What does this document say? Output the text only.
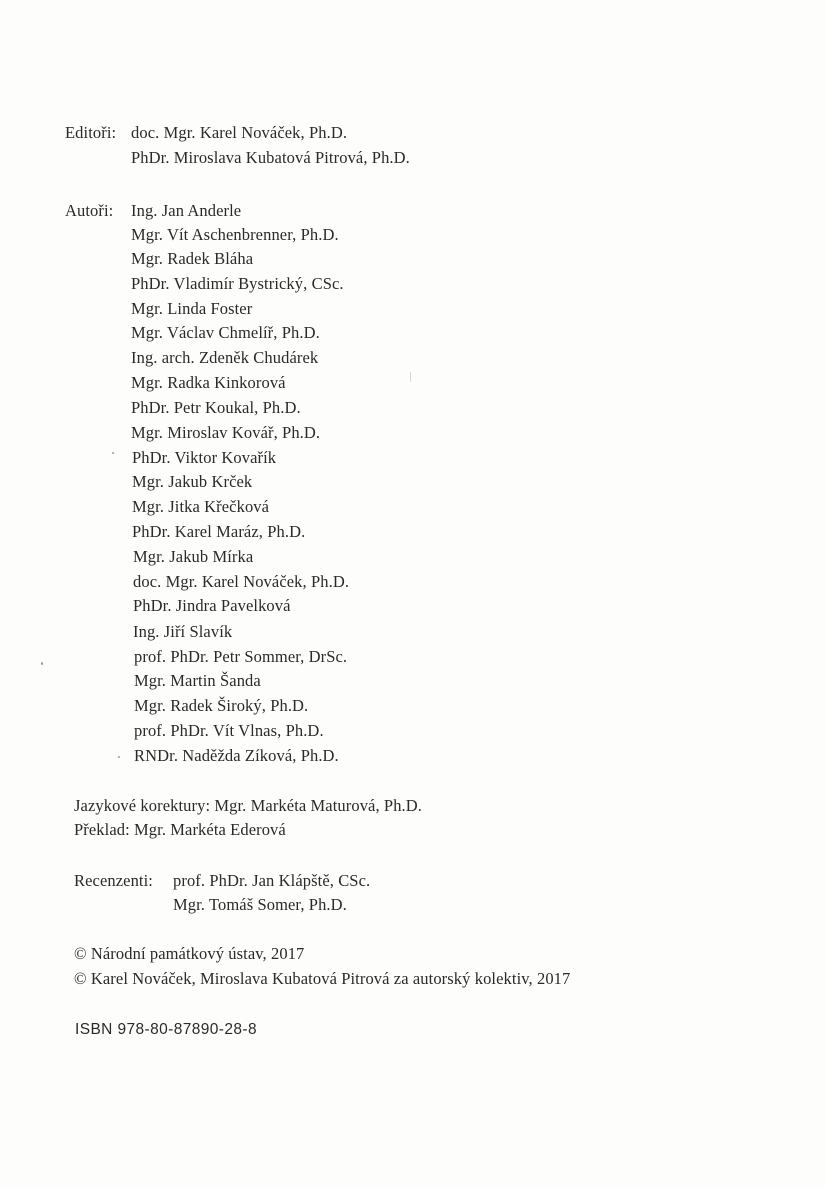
Editoři: doc. Mgr. Karel Nováček, Ph.D.
PhDr. Miroslava Kubatová Pitrová, Ph.D.
Autoři: Ing. Jan Anderle
Mgr. Vít Aschenbrenner, Ph.D.
Mgr. Radek Bláha
PhDr. Vladimír Bystrický, CSc.
Mgr. Linda Foster
Mgr. Václav Chmelíř, Ph.D.
Ing. arch. Zdeněk Chudárek
Mgr. Radka Kinkorová
PhDr. Petr Koukal, Ph.D.
Mgr. Miroslav Kovář, Ph.D.
PhDr. Viktor Kovařík
Mgr. Jakub Krček
Mgr. Jitka Křečková
PhDr. Karel Maráz, Ph.D.
Mgr. Jakub Mírka
doc. Mgr. Karel Nováček, Ph.D.
PhDr. Jindra Pavelková
Ing. Jiří Slavík
prof. PhDr. Petr Sommer, DrSc.
Mgr. Martin Šanda
Mgr. Radek Široký, Ph.D.
prof. PhDr. Vít Vlnas, Ph.D.
RNDr. Naděžda Zíková, Ph.D.
Jazykové korektury: Mgr. Markéta Maturová, Ph.D.
Překlad: Mgr. Markéta Ederová
Recenzenti: prof. PhDr. Jan Klápště, CSc.
Mgr. Tomáš Somer, Ph.D.
© Národní památkový ústav, 2017
© Karel Nováček, Miroslava Kubatová Pitrová za autorský kolektiv, 2017
ISBN 978-80-87890-28-8
